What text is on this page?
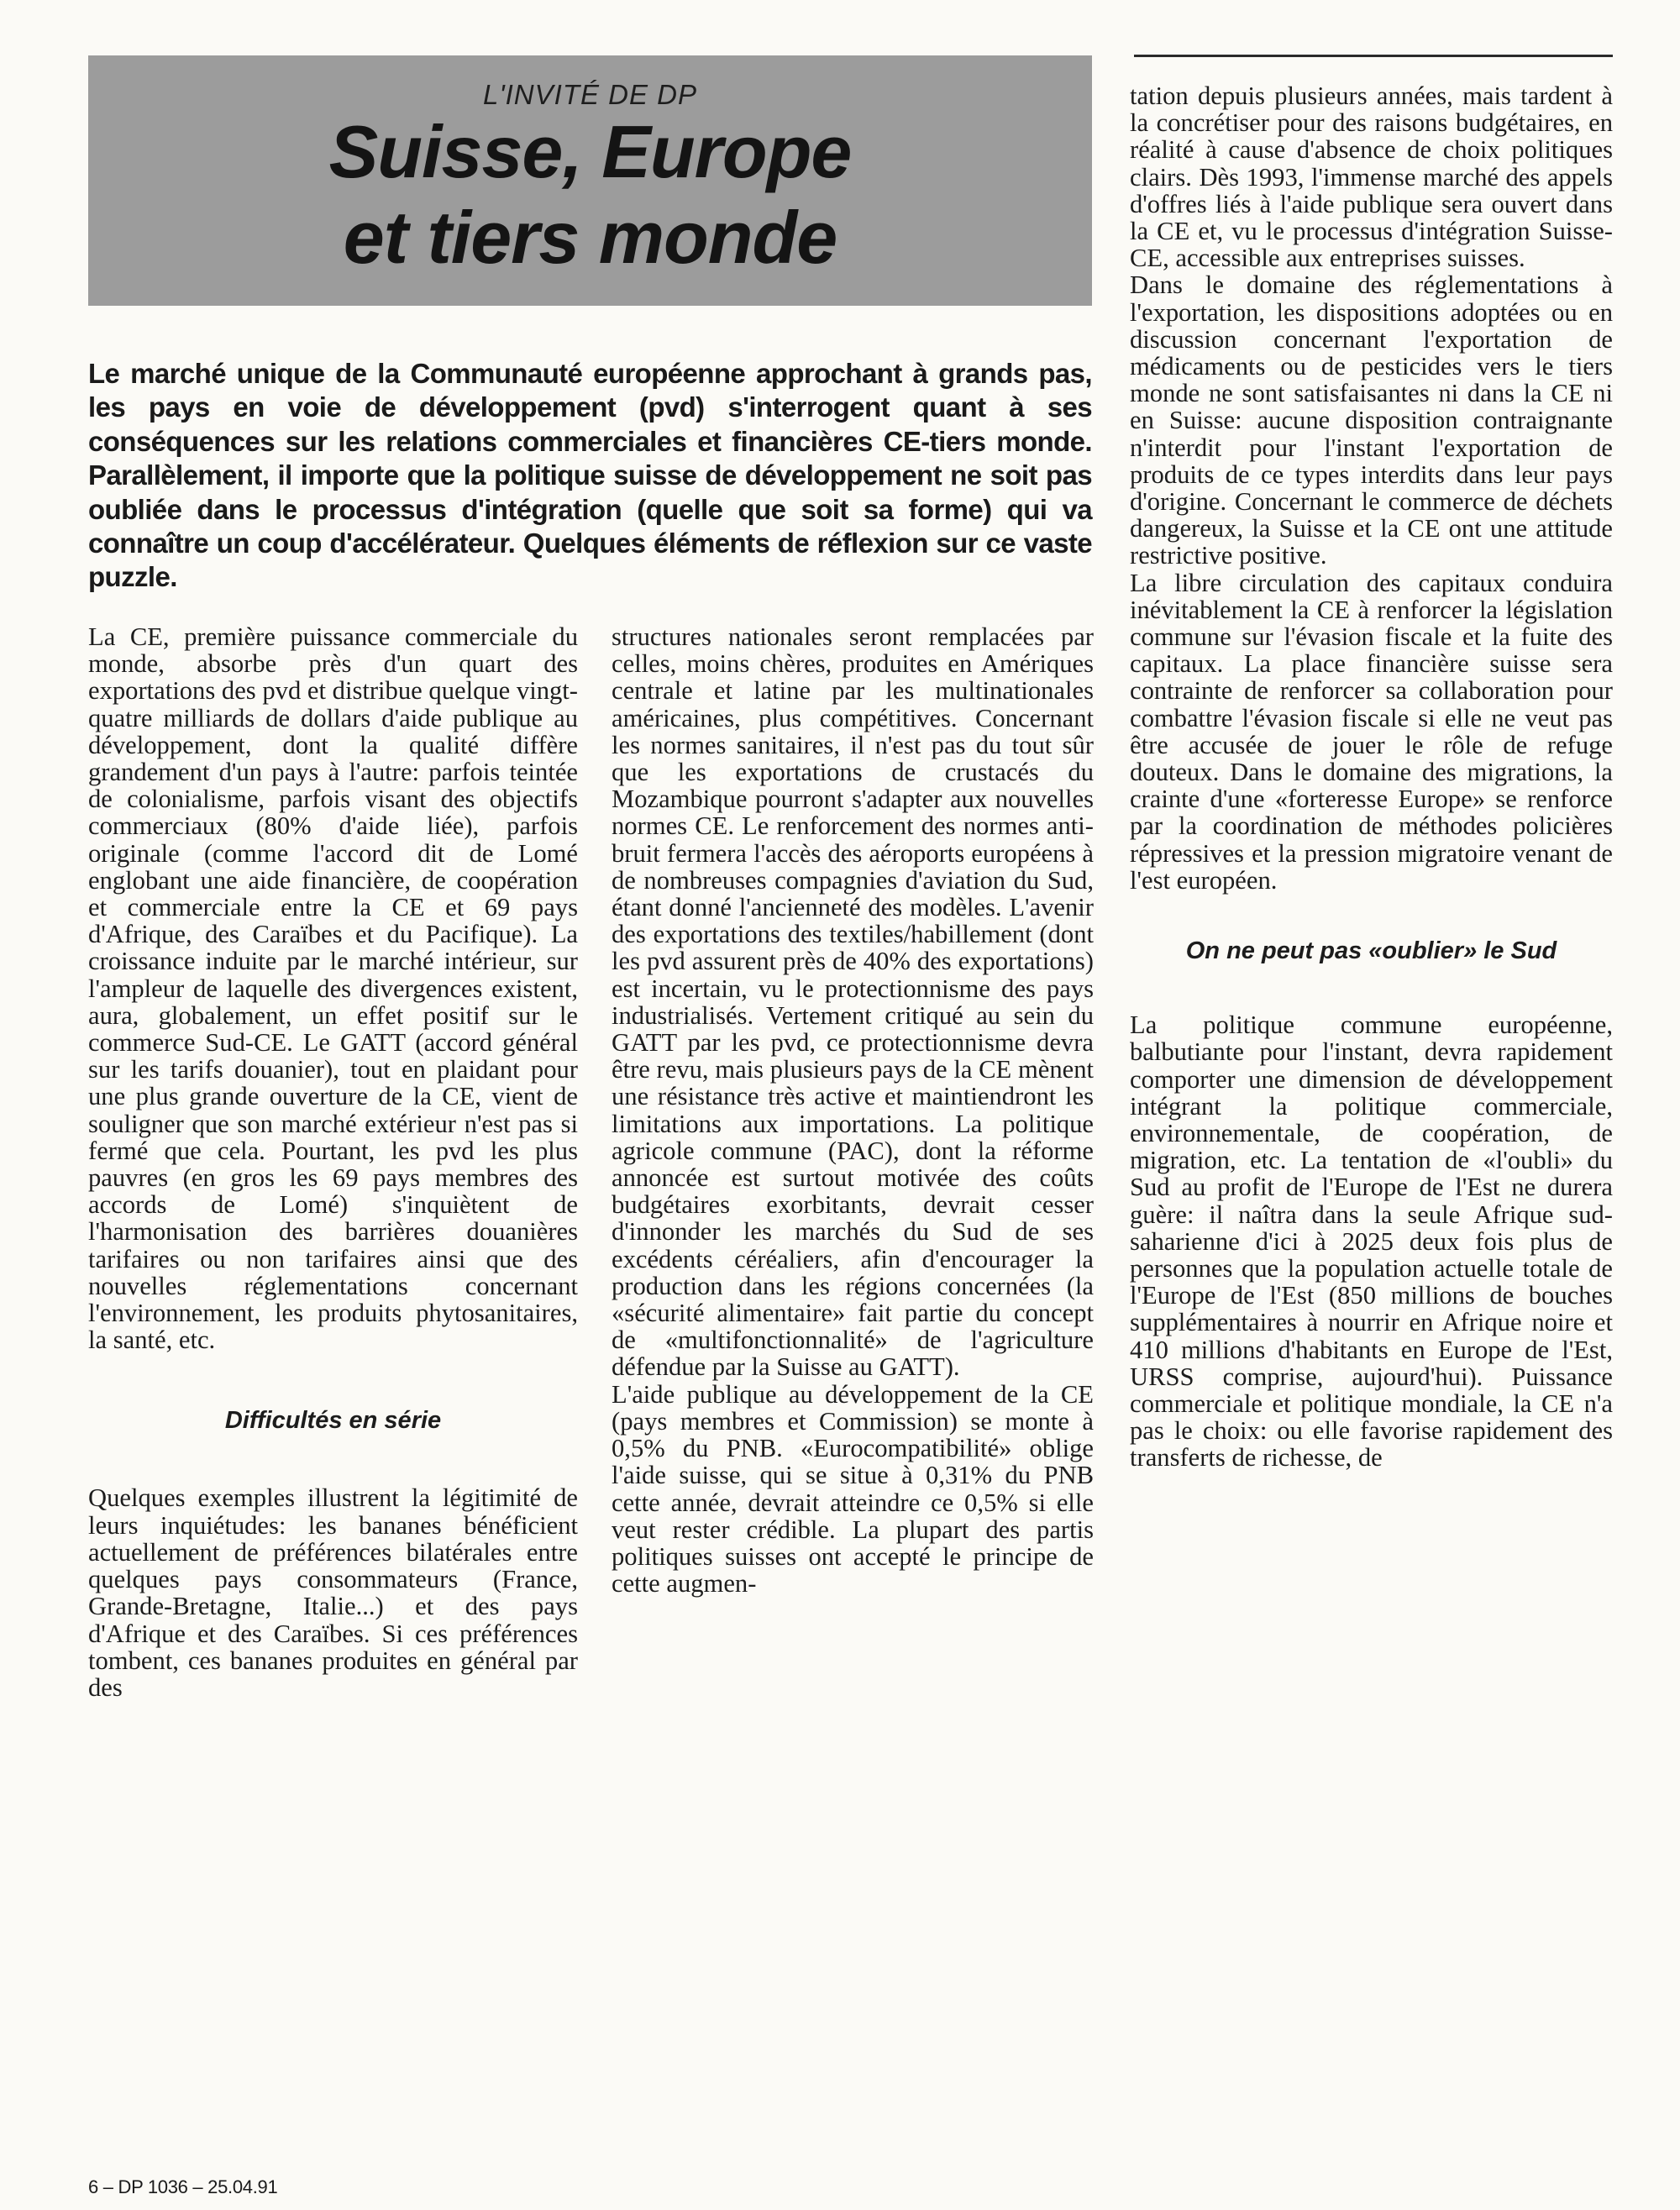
L'INVITÉ DE DP
Suisse, Europe
et tiers monde
Le marché unique de la Communauté européenne approchant à grands pas, les pays en voie de développement (pvd) s'interrogent quant à ses conséquences sur les relations commerciales et financières CE-tiers monde. Parallèlement, il importe que la politique suisse de développement ne soit pas oubliée dans le processus d'intégration (quelle que soit sa forme) qui va connaître un coup d'accélérateur. Quelques éléments de réflexion sur ce vaste puzzle.

La CE, première puissance commerciale du monde, absorbe près d'un quart des exportations des pvd et distribue quelque vingt-quatre milliards de dollars d'aide publique au développement, dont la qualité diffère grandement d'un pays à l'autre: parfois teintée de colonialisme, parfois visant des objectifs commerciaux (80% d'aide liée), parfois originale (comme l'accord dit de Lomé englobant une aide financière, de coopération et commerciale entre la CE et 69 pays d'Afrique, des Caraïbes et du Pacifique). La croissance induite par le marché intérieur, sur l'ampleur de laquelle des divergences existent, aura, globalement, un effet positif sur le commerce Sud-CE. Le GATT (accord général sur les tarifs douanier), tout en plaidant pour une plus grande ouverture de la CE, vient de souligner que son marché extérieur n'est pas si fermé que cela. Pourtant, les pvd les plus pauvres (en gros les 69 pays membres des accords de Lomé) s'inquiètent de l'harmonisation des barrières douanières tarifaires ou non tarifaires ainsi que des nouvelles réglementations concernant l'environnement, les produits phytosanitaires, la santé, etc.

Difficultés en série

Quelques exemples illustrent la légitimité de leurs inquiétudes: les bananes bénéficient actuellement de préférences bilatérales entre quelques pays consommateurs (France, Grande-Bretagne, Italie...) et des pays d'Afrique et des Caraïbes. Si ces préférences tombent, ces bananes produites en général par des

structures nationales seront remplacées par celles, moins chères, produites en Amériques centrale et latine par les multinationales américaines, plus compétitives. Concernant les normes sanitaires, il n'est pas du tout sûr que les exportations de crustacés du Mozambique pourront s'adapter aux nouvelles normes CE. Le renforcement des normes anti-bruit fermera l'accès des aéroports européens à de nombreuses compagnies d'aviation du Sud, étant donné l'ancienneté des modèles. L'avenir des exportations des textiles/habillement (dont les pvd assurent près de 40% des exportations) est incertain, vu le protectionnisme des pays industrialisés. Vertement critiqué au sein du GATT par les pvd, ce protectionnisme devra être revu, mais plusieurs pays de la CE mènent une résistance très active et maintiendront les limitations aux importations. La politique agricole commune (PAC), dont la réforme annoncée est surtout motivée des coûts budgétaires exorbitants, devrait cesser d'innonder les marchés du Sud de ses excédents céréaliers, afin d'encourager la production dans les régions concernées (la «sécurité alimentaire» fait partie du concept de «multifonctionnalité» de l'agriculture défendue par la Suisse au GATT).

L'aide publique au développement de la CE (pays membres et Commission) se monte à 0,5% du PNB. «Eurocompatibilité» oblige l'aide suisse, qui se situe à 0,31% du PNB cette année, devrait atteindre ce 0,5% si elle veut rester crédible. La plupart des partis politiques suisses ont accepté le principe de cette augmen-

tation depuis plusieurs années, mais tardent à la concrétiser pour des raisons budgétaires, en réalité à cause d'absence de choix politiques clairs. Dès 1993, l'immense marché des appels d'offres liés à l'aide publique sera ouvert dans la CE et, vu le processus d'intégration Suisse-CE, accessible aux entreprises suisses.

Dans le domaine des réglementations à l'exportation, les dispositions adoptées ou en discussion concernant l'exportation de médicaments ou de pesticides vers le tiers monde ne sont satisfaisantes ni dans la CE ni en Suisse: aucune disposition contraignante n'interdit pour l'instant l'exportation de produits de ce types interdits dans leur pays d'origine. Concernant le commerce de déchets dangereux, la Suisse et la CE ont une attitude restrictive positive.

La libre circulation des capitaux conduira inévitablement la CE à renforcer la législation commune sur l'évasion fiscale et la fuite des capitaux. La place financière suisse sera contrainte de renforcer sa collaboration pour combattre l'évasion fiscale si elle ne veut pas être accusée de jouer le rôle de refuge douteux. Dans le domaine des migrations, la crainte d'une «forteresse Europe» se renforce par la coordination de méthodes policières répressives et la pression migratoire venant de l'est européen.

On ne peut pas «oublier» le Sud

La politique commune européenne, balbutiante pour l'instant, devra rapidement comporter une dimension de développement intégrant la politique commerciale, environnementale, de coopération, de migration, etc. La tentation de «l'oubli» du Sud au profit de l'Europe de l'Est ne durera guère: il naîtra dans la seule Afrique sud-saharienne d'ici à 2025 deux fois plus de personnes que la population actuelle totale de l'Europe de l'Est (850 millions de bouches supplémentaires à nourrir en Afrique noire et 410 millions d'habitants en Europe de l'Est, URSS comprise, aujourd'hui). Puissance commerciale et politique mondiale, la CE n'a pas le choix: ou elle favorise rapidement des transferts de richesse, de

6 – DP 1036 – 25.04.91
